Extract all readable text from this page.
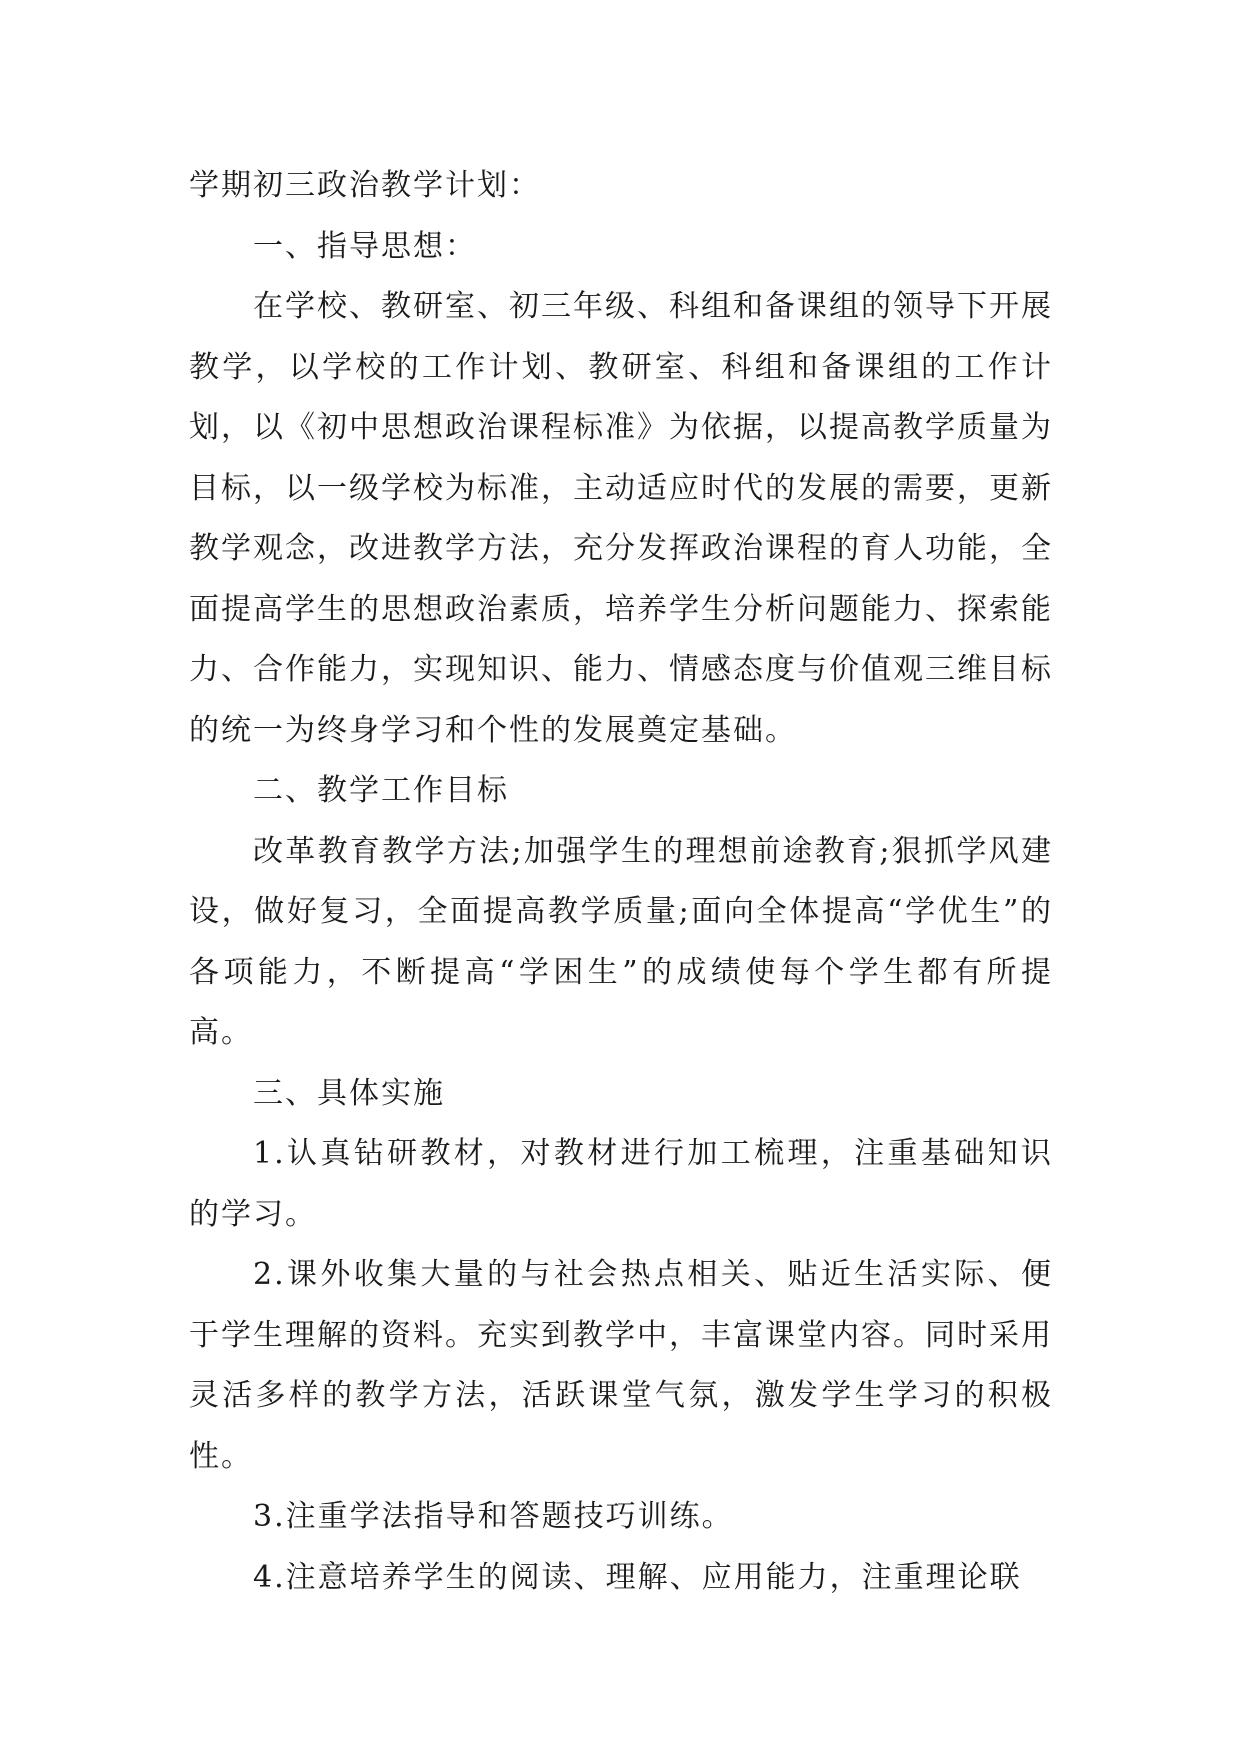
学期初三政治教学计划：

一、指导思想：

在学校、教研室、初三年级、科组和备课组的领导下开展教学，以学校的工作计划、教研室、科组和备课组的工作计划，以《初中思想政治课程标准》为依据，以提高教学质量为目标，以一级学校为标准，主动适应时代的发展的需要，更新教学观念，改进教学方法，充分发挥政治课程的育人功能，全面提高学生的思想政治素质，培养学生分析问题能力、探索能力、合作能力，实现知识、能力、情感态度与价值观三维目标的统一为终身学习和个性的发展奠定基础。

二、教学工作目标

改革教育教学方法;加强学生的理想前途教育;狠抓学风建设，做好复习，全面提高教学质量;面向全体提高“学优生”的各项能力，不断提高“学困生”的成绩使每个学生都有所提高。

三、具体实施

1.认真钻研教材，对教材进行加工梳理，注重基础知识的学习。

2.课外收集大量的与社会热点相关、贴近生活实际、便于学生理解的资料。充实到教学中，丰富课堂内容。同时采用灵活多样的教学方法，活跃课堂气氛，激发学生学习的积极性。

3.注重学法指导和答题技巧训练。

4.注意培养学生的阅读、理解、应用能力，注重理论联
